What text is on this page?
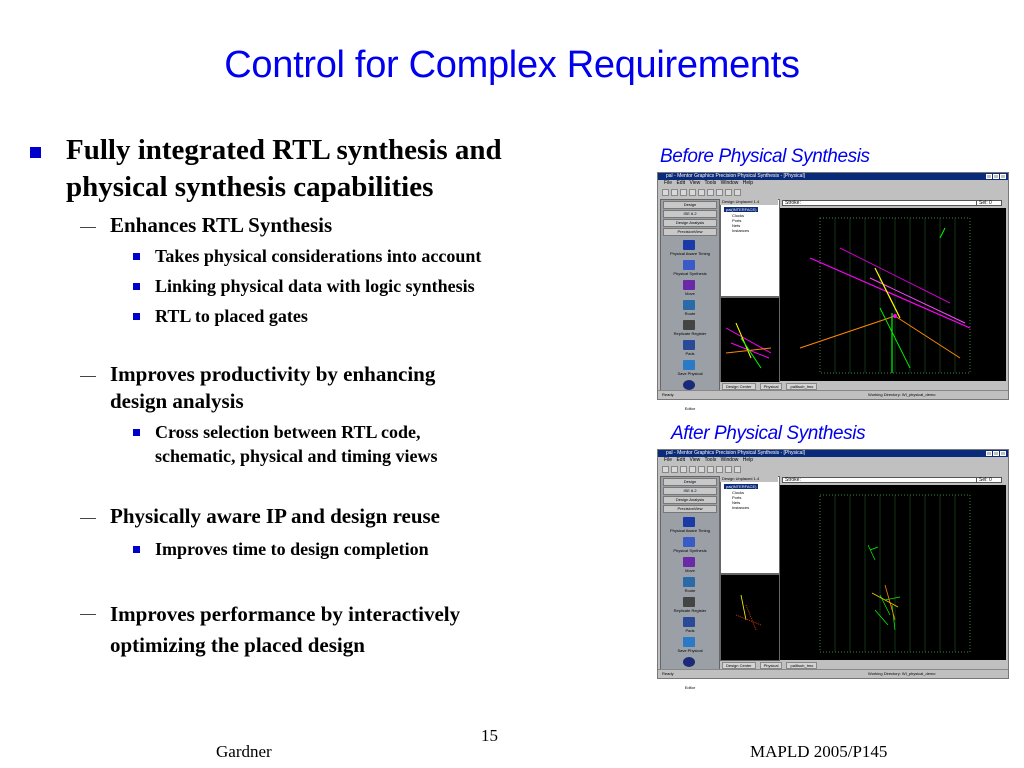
Control for Complex Requirements
Fully integrated RTL synthesis and
physical synthesis capabilities
Enhances RTL Synthesis
Takes physical considerations into account
Linking physical data with logic synthesis
RTL to placed gates
Improves productivity by enhancing
design analysis
Cross selection between RTL code,
schematic, physical and timing views
Physically aware IP and design reuse
Improves time to design completion
Improves performance by interactively
optimizing the placed design
Before Physical Synthesis
After Physical Synthesis
pal - Mentor Graphics Precision Physical Synthesis - [Physical]
File Edit View Tools Window Help
Design
ISE 6.2
Design Analysis
PrecisionView
Physical Aware Timing
Physical Synthesis
Move
Route
Replicate Register
Pads
Save Physical
Editor
Design Unplaced 1.4
pal(INTERFACE)
Clocks
Ports
Nets
Instances
Stroke:	Sel: 0
Design Center	Physical	pal6sub_tmo
Ready	Working Directory: Wl_physical_demo
pal - Mentor Graphics Precision Physical Synthesis - [Physical]
File Edit View Tools Window Help
Design
ISE 6.2
Design Analysis
PrecisionView
Physical Aware Timing
Physical Synthesis
Move
Route
Replicate Register
Pads
Save Physical
Editor
Design Unplaced 1.4
pal(INTERFACE)
Clocks
Ports
Nets
Instances
Stroke:	Sel: 0
Design Center	Physical	pal6sub_tmo
Ready	Working Directory: Wl_physical_demo
15
Gardner	MAPLD 2005/P145
